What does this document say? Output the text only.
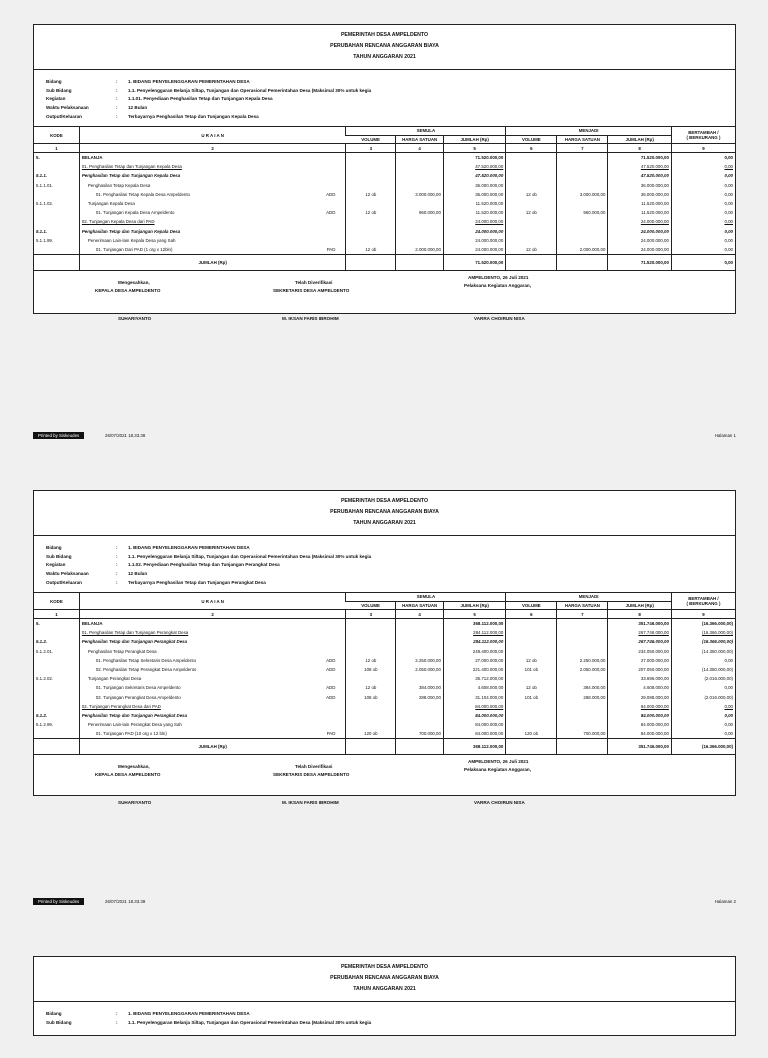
PEMERINTAH DESA AMPELDENTO
PERUBAHAN RENCANA ANGGARAN BIAYA
TAHUN ANGGARAN 2021
Bidang	:	1. BIDANG PENYELENGGARAN PEMERINTAHAN DESA
Sub Bidang	:	1.1. Penyelenggaran Belanja Siltap, Tunjangan dan Operasional Pemerintahan Desa (Maksimal 30% untuk kegia
Kegiatan	:	1.1.01. Penyediaan Penghasilan Tetap dan Tunjangan Kepala Desa
Waktu Pelaksanaan	:	12 Bulan
Output/Keluaran	:	Terbayarnya Penghasilan Tetap dan Tunjangan Kepala Desa
KODE	U R A I A N	SEMULA			MENJADI			BERTAMBAH /
( BERKURANG )

		VOLUME	HARGA SATUAN	JUMLAH (Rp)	VOLUME	HARGA SATUAN	JUMLAH (Rp)	
1	2	3	4	5	6	7	8	9
5.	BELANJA			71.520.000,00			71.520.000,00	0,00

	01. Penghasilan Tetap dan Tunjangan Kepala Desa			47.520.000,00			47.520.000,00	0,00
5.1.1.	Penghasilan Tetap dan Tunjangan Kepala Desa			47.520.000,00			47.520.000,00	0,00
5.1.1.01.	Penghasilan Tetap Kepala Desa			36.000.000,00			36.000.000,00	0,00

	01. Penghasilan Tetap Kepala Desa Ampeldento ADD	12 ob	3.000.000,00	36.000.000,00	12 ob	3.000.000,00	36.000.000,00	0,00
5.1.1.02.	Tunjangan Kepala Desa			11.520.000,00			11.520.000,00	0,00

	01. Tunjangan Kepala Desa Ampeldento ADD	12 ob	960.000,00	11.520.000,00	12 ob	960.000,00	11.520.000,00	0,00

	02. Tunjangan Kepala Desa dari PAD			24.000.000,00			24.000.000,00	0,00
5.1.1.	Penghasilan Tetap dan Tunjangan Kepala Desa			24.000.000,00			24.000.000,00	0,00
5.1.1.99.	Penerimaan Lain-lain Kepala Desa yang Sah			24.000.000,00			24.000.000,00	0,00

	01. Tunjangan Dari PAD (1 org x 12bln) PAD	12 ob	2.000.000,00	24.000.000,00	12 ob	2.000.000,00	24.000.000,00	0,00
	JUMLAH (Rp)			71.520.000,00			71.520.000,00	0,00
Mengesahkan,
KEPALA DESA AMPELDENTO
Telah Diverifikasi
SEKRETARIS DESA AMPELDENTO
AMPELDENTO, 26 Juli 2021
Pelaksana Kegiatan Anggaran,
SUHARIYANTO	M. IKSAN FARIS IBROHIM	VARRA CHOIRUN NISA
Printed by Siskeudes	26/07/2021 18.33.38	Halaman 1
PEMERINTAH DESA AMPELDENTO
PERUBAHAN RENCANA ANGGARAN BIAYA
TAHUN ANGGARAN 2021
Bidang	:	1. BIDANG PENYELENGGARAN PEMERINTAHAN DESA
Sub Bidang	:	1.1. Penyelenggaran Belanja Siltap, Tunjangan dan Operasional Pemerintahan Desa (Maksimal 30% untuk kegia
Kegiatan	:	1.1.02. Penyediaan Penghasilan Tetap dan Tunjangan Perangkat Desa
Waktu Pelaksanaan	:	12 Bulan
Output/Keluaran	:	Terbayarnya Penghasilan Tetap dan Tunjangan Perangkat Desa
KODE	U R A I A N	SEMULA			MENJADI			BERTAMBAH /
( BERKURANG )

		VOLUME	HARGA SATUAN	JUMLAH (Rp)	VOLUME	HARGA SATUAN	JUMLAH (Rp)	
1	2	3	4	5	6	7	8	9
5.	BELANJA			368.112.000,00			351.746.000,00	(16.366.000,00)

	01. Penghasilan Tetap dan Tunjangan Perangkat Desa			284.112.000,00			267.746.000,00	(16.366.000,00)
5.1.2.	Penghasilan Tetap dan Tunjangan Perangkat Desa			284.112.000,00			267.746.000,00	(16.366.000,00)
5.1.2.01.	Penghasilan Tetap Perangkat Desa			248.400.000,00			234.050.000,00	(14.350.000,00)

	01. Penghasilan Tetap Sekretaris Desa Ampeldento ADD	12 ob	2.250.000,00	27.000.000,00	12 ob	2.250.000,00	27.000.000,00	0,00

	02. Penghasilan Tetap Perangkat Desa Ampeldento ADD	108 ob	2.050.000,00	221.400.000,00	101 ob	2.050.000,00	207.050.000,00	(14.350.000,00)
5.1.2.02.	Tunjangan Perangkat Desa			35.712.000,00			33.696.000,00	(2.016.000,00)

	01. Tunjangan Sekretaris Desa Ampeldento ADD	12 ob	384.000,00	4.608.000,00	12 ob	384.000,00	4.608.000,00	0,00

	02. Tunjangan Perangkat Desa Ampeldento ADD	108 ob	288.000,00	31.104.000,00	101 ob	288.000,00	29.088.000,00	(2.016.000,00)

	02. Tunjangan Perangkat Desa dari PAD			84.000.000,00			84.000.000,00	0,00
5.1.2.	Penghasilan Tetap dan Tunjangan Perangkat Desa			84.000.000,00			84.000.000,00	0,00
5.1.2.99.	Penerimaan Lain-lain Perangkat Desa yang Sah			84.000.000,00			84.000.000,00	0,00

	01. Tunjangan PAD (10 org x 12 bln) PAD	120 ob	700.000,00	84.000.000,00	120 ob	700.000,00	84.000.000,00	0,00
	JUMLAH (Rp)			368.112.000,00			351.746.000,00	(16.366.000,00)
Mengesahkan,
KEPALA DESA AMPELDENTO
Telah Diverifikasi
SEKRETARIS DESA AMPELDENTO
AMPELDENTO, 26 Juli 2021
Pelaksana Kegiatan Anggaran,
SUHARIYANTO	M. IKSAN FARIS IBROHIM	VARRA CHOIRUN NISA
Printed by Siskeudes	26/07/2021 18.33.38	Halaman 2
PEMERINTAH DESA AMPELDENTO
PERUBAHAN RENCANA ANGGARAN BIAYA
TAHUN ANGGARAN 2021
Bidang	:	1. BIDANG PENYELENGGARAN PEMERINTAHAN DESA
Sub Bidang	:	1.1. Penyelenggaran Belanja Siltap, Tunjangan dan Operasional Pemerintahan Desa (Maksimal 30% untuk kegia
